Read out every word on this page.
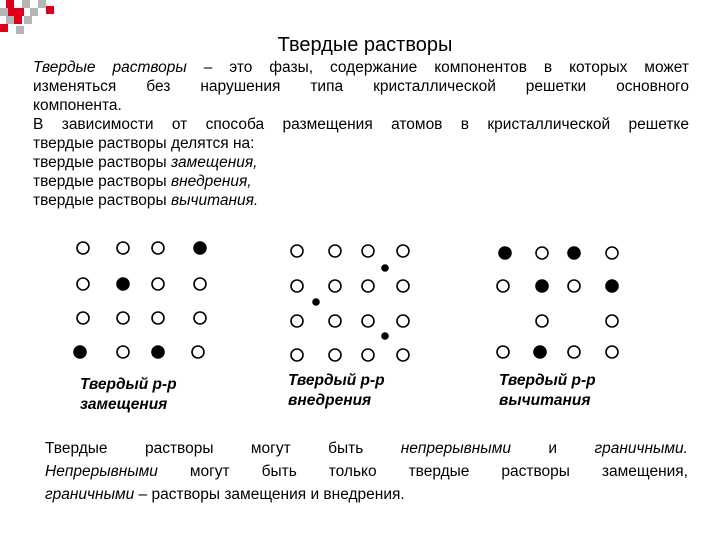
Твердые растворы
Твердые растворы – это фазы, содержание компонентов в которых может
изменяться без нарушения типа кристаллической решетки основного
компонента.
В зависимости от способа размещения атомов в кристаллической решетке
твердые растворы делятся на:
твердые растворы замещения,
твердые растворы внедрения,
твердые растворы вычитания.
Твердый р-р
замещения
Твердый р-р
внедрения
Твердый р-р
вычитания
Твердые растворы могут быть непрерывными и граничными.
Непрерывными могут быть только твердые растворы замещения,
граничными – растворы замещения и внедрения.
